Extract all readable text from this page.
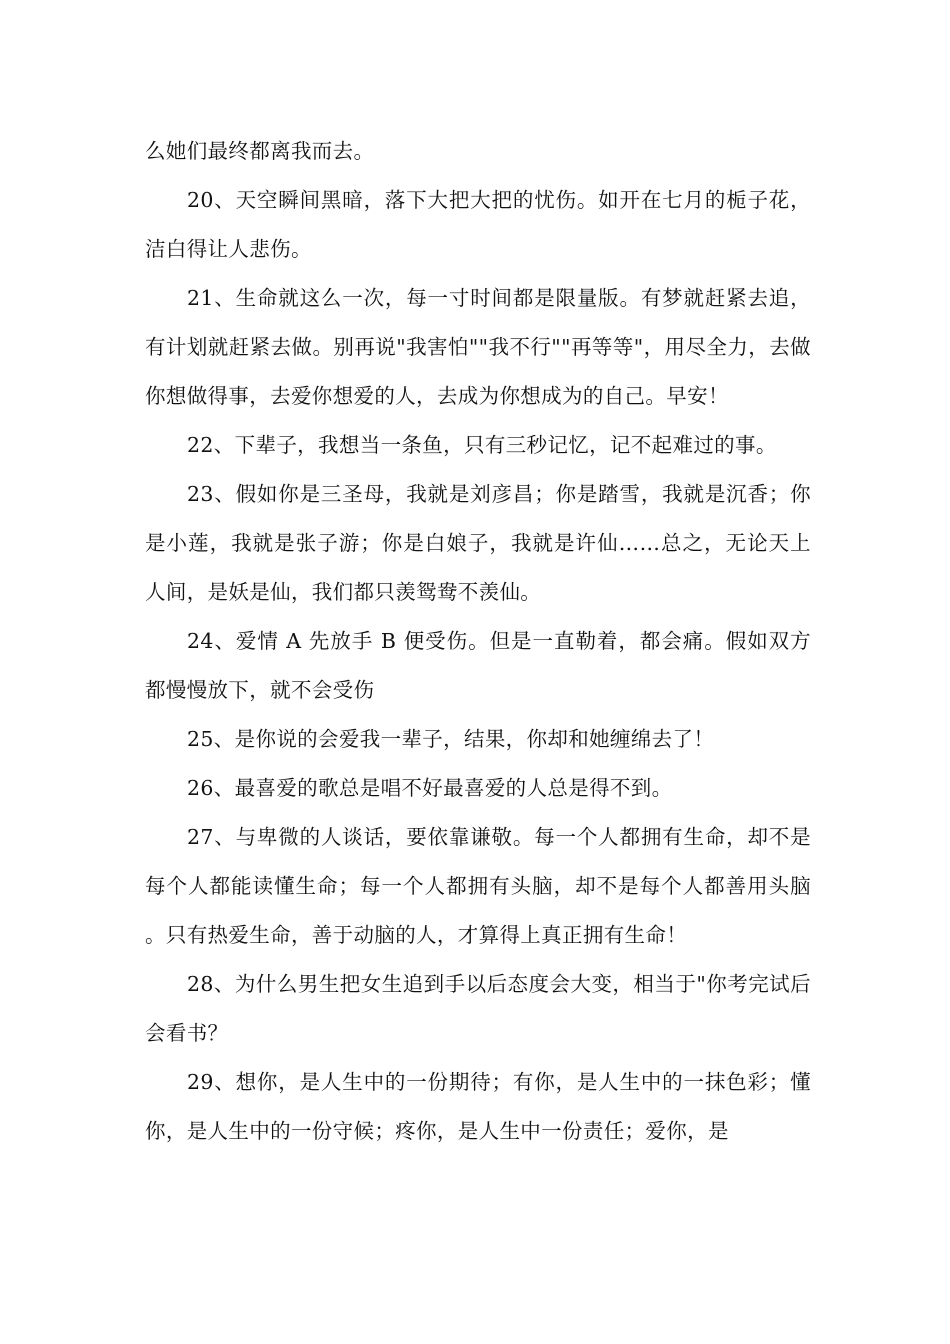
么她们最终都离我而去。

20、天空瞬间黑暗，落下大把大把的忧伤。如开在七月的栀子花，洁白得让人悲伤。

21、生命就这么一次，每一寸时间都是限量版。有梦就赶紧去追，有计划就赶紧去做。别再说"我害怕""我不行""再等等"，用尽全力，去做你想做得事，去爱你想爱的人，去成为你想成为的自己。早安！

22、下辈子，我想当一条鱼，只有三秒记忆，记不起难过的事。

23、假如你是三圣母，我就是刘彦昌；你是踏雪，我就是沉香；你是小莲，我就是张子游；你是白娘子，我就是许仙……总之，无论天上人间，是妖是仙，我们都只羡鸳鸯不羡仙。

24、爱情 A 先放手 B 便受伤。但是一直勒着，都会痛。假如双方都慢慢放下，就不会受伤

25、是你说的会爱我一辈子，结果，你却和她缠绵去了！

26、最喜爱的歌总是唱不好最喜爱的人总是得不到。

27、与卑微的人谈话，要依靠谦敬。每一个人都拥有生命，却不是每个人都能读懂生命；每一个人都拥有头脑，却不是每个人都善用头脑。只有热爱生命，善于动脑的人，才算得上真正拥有生命！

28、为什么男生把女生追到手以后态度会大变，相当于"你考完试后会看书？

29、想你，是人生中的一份期待；有你，是人生中的一抹色彩；懂你，是人生中的一份守候；疼你，是人生中一份责任；爱你，是
